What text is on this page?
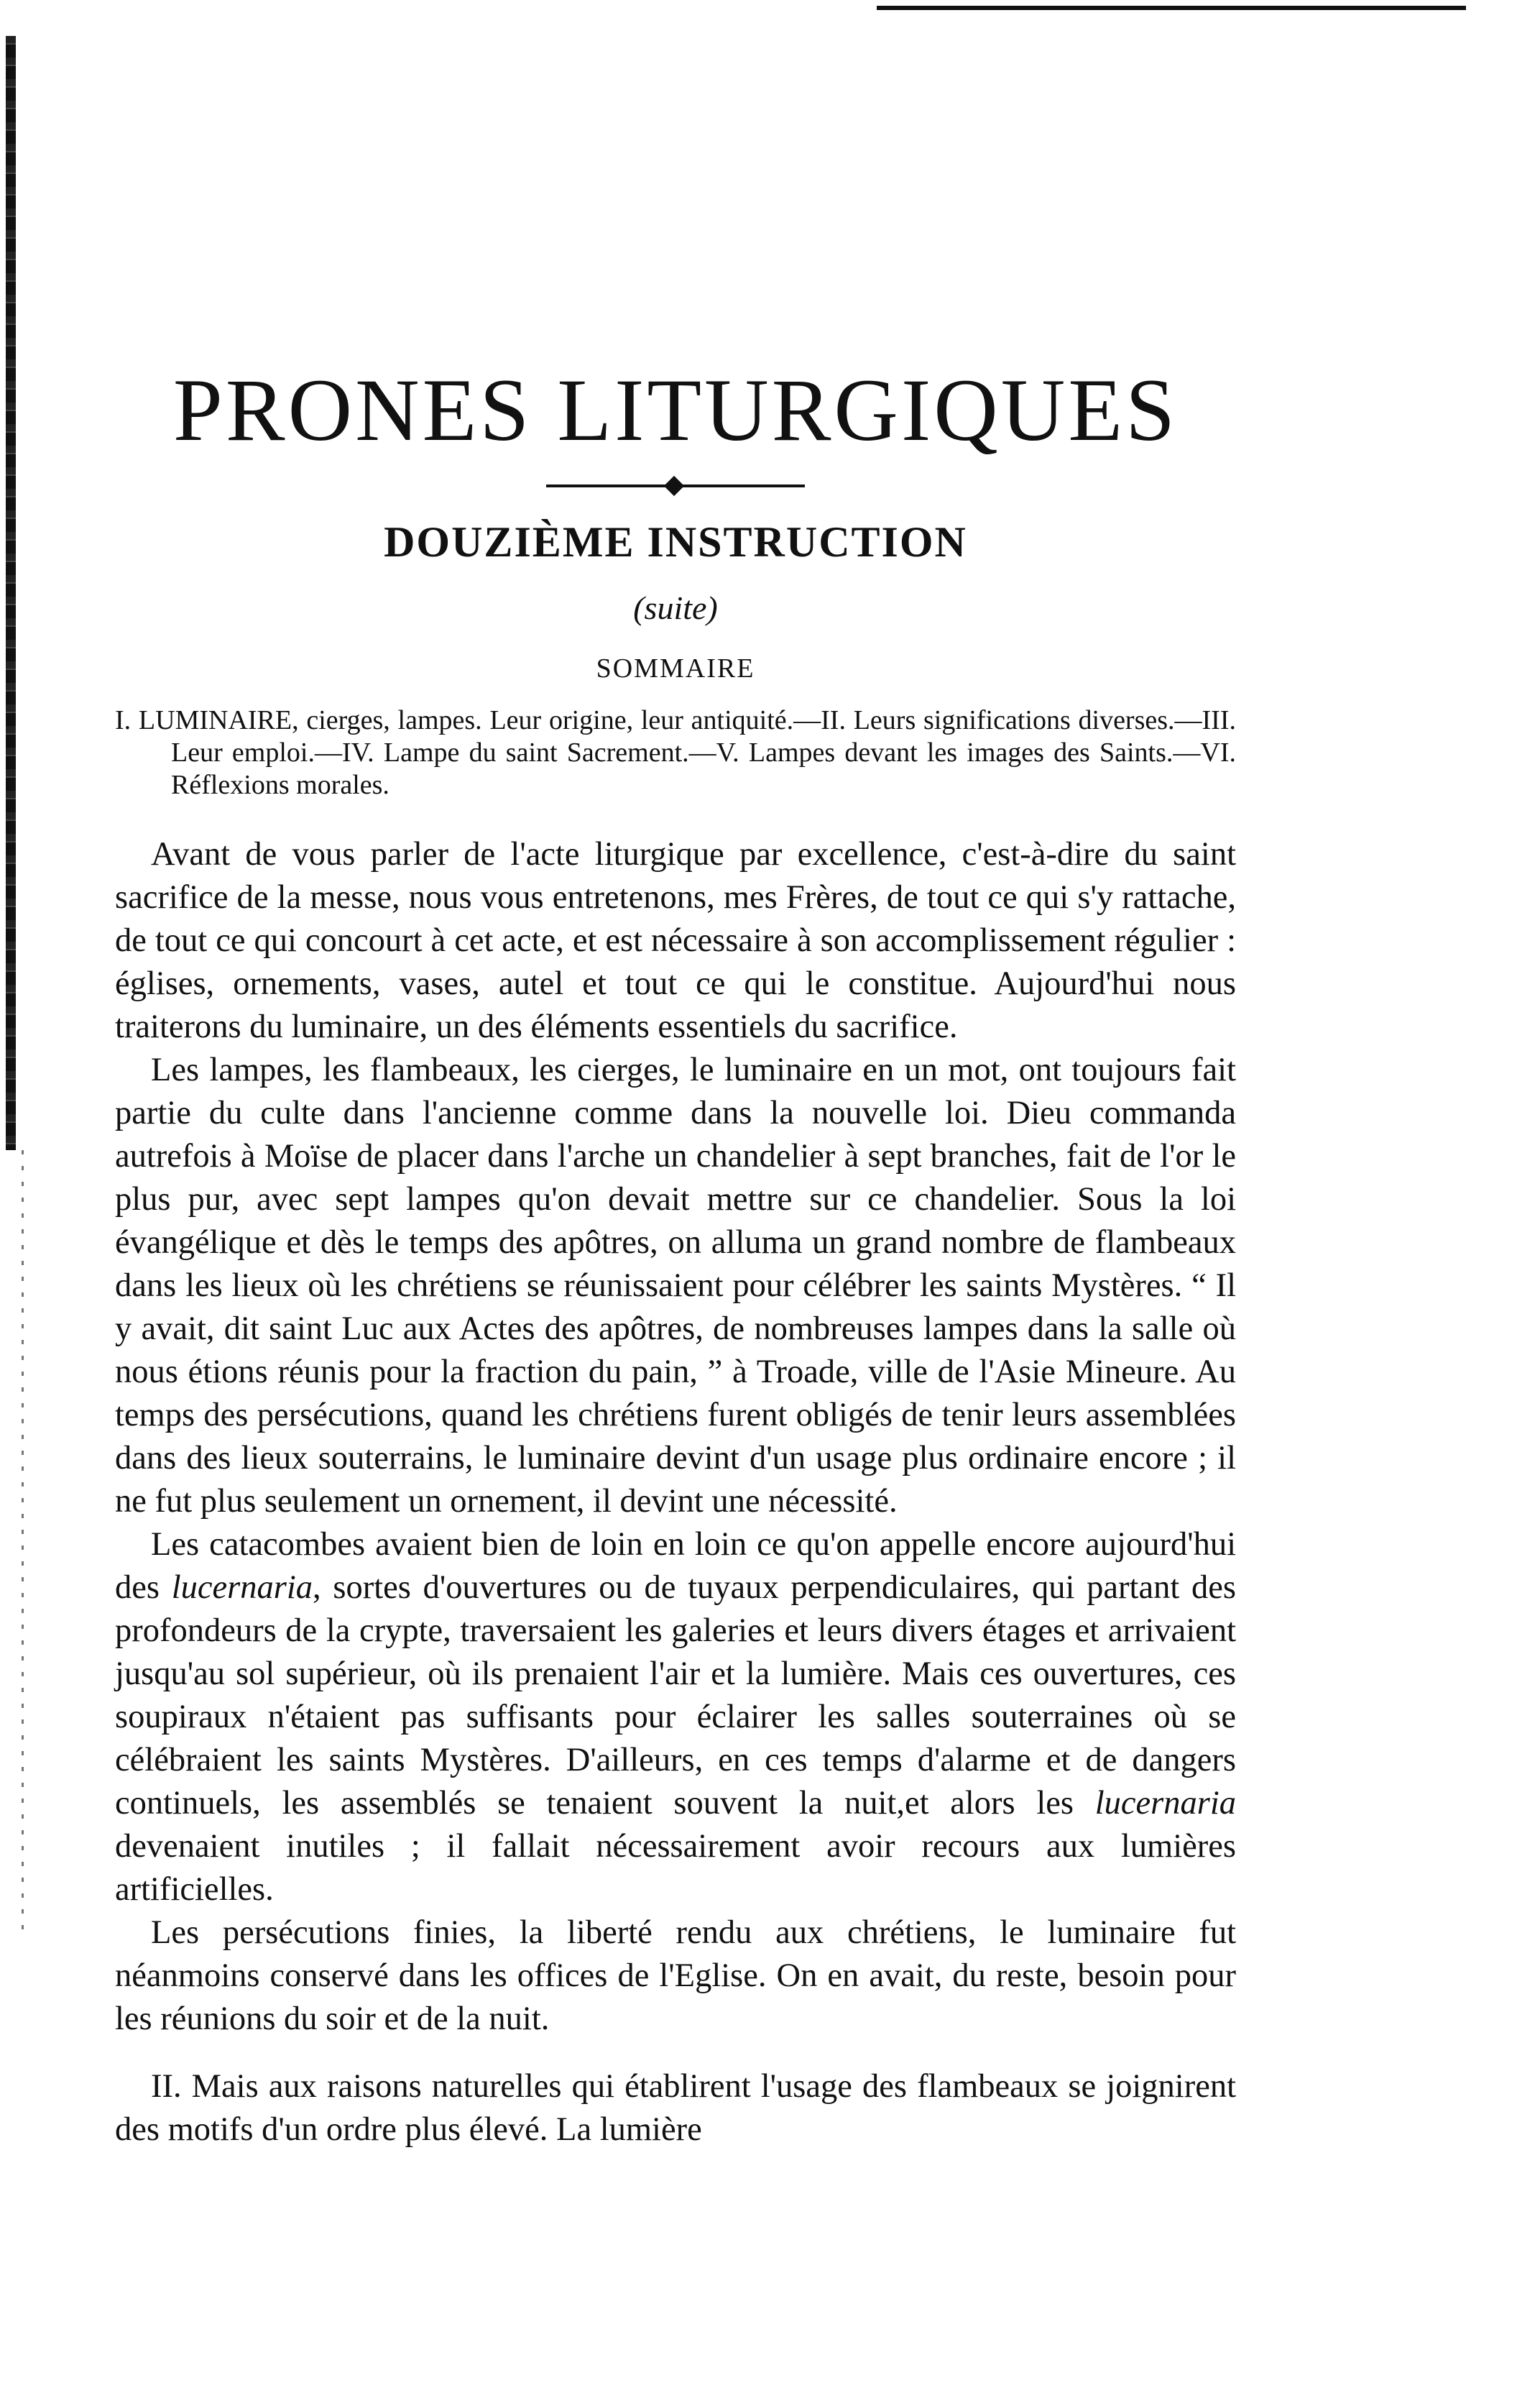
PRONES LITURGIQUES
DOUZIÈME INSTRUCTION
(suite)
SOMMAIRE
I. LUMINAIRE, cierges, lampes. Leur origine, leur antiquité.—II. Leurs significations diverses.—III. Leur emploi.—IV. Lampe du saint Sacrement.—V. Lampes devant les images des Saints.—VI. Réflexions morales.

Avant de vous parler de l'acte liturgique par excellence, c'est-à-dire du saint sacrifice de la messe, nous vous entretenons, mes Frères, de tout ce qui s'y rattache, de tout ce qui concourt à cet acte, et est nécessaire à son accomplissement régulier : églises, ornements, vases, autel et tout ce qui le constitue. Aujourd'hui nous traiterons du luminaire, un des éléments essentiels du sacrifice.

Les lampes, les flambeaux, les cierges, le luminaire en un mot, ont toujours fait partie du culte dans l'ancienne comme dans la nouvelle loi. Dieu commanda autrefois à Moïse de placer dans l'arche un chandelier à sept branches, fait de l'or le plus pur, avec sept lampes qu'on devait mettre sur ce chandelier. Sous la loi évangélique et dès le temps des apôtres, on alluma un grand nombre de flambeaux dans les lieux où les chrétiens se réunissaient pour célébrer les saints Mystères. “ Il y avait, dit saint Luc aux Actes des apôtres, de nombreuses lampes dans la salle où nous étions réunis pour la fraction du pain, ” à Troade, ville de l'Asie Mineure. Au temps des persécutions, quand les chrétiens furent obligés de tenir leurs assemblées dans des lieux souterrains, le luminaire devint d'un usage plus ordinaire encore ; il ne fut plus seulement un ornement, il devint une nécessité.

Les catacombes avaient bien de loin en loin ce qu'on appelle encore aujourd'hui des lucernaria, sortes d'ouvertures ou de tuyaux perpendiculaires, qui partant des profondeurs de la crypte, traversaient les galeries et leurs divers étages et arrivaient jusqu'au sol supérieur, où ils prenaient l'air et la lumière. Mais ces ouvertures, ces soupiraux n'étaient pas suffisants pour éclairer les salles souterraines où se célébraient les saints Mystères. D'ailleurs, en ces temps d'alarme et de dangers continuels, les assemblés se tenaient souvent la nuit,et alors les lucernaria devenaient inutiles ; il fallait nécessairement avoir recours aux lumières artificielles.

Les persécutions finies, la liberté rendu aux chrétiens, le luminaire fut néanmoins conservé dans les offices de l'Eglise. On en avait, du reste, besoin pour les réunions du soir et de la nuit.

II. Mais aux raisons naturelles qui établirent l'usage des flambeaux se joignirent des motifs d'un ordre plus élevé. La lumière
